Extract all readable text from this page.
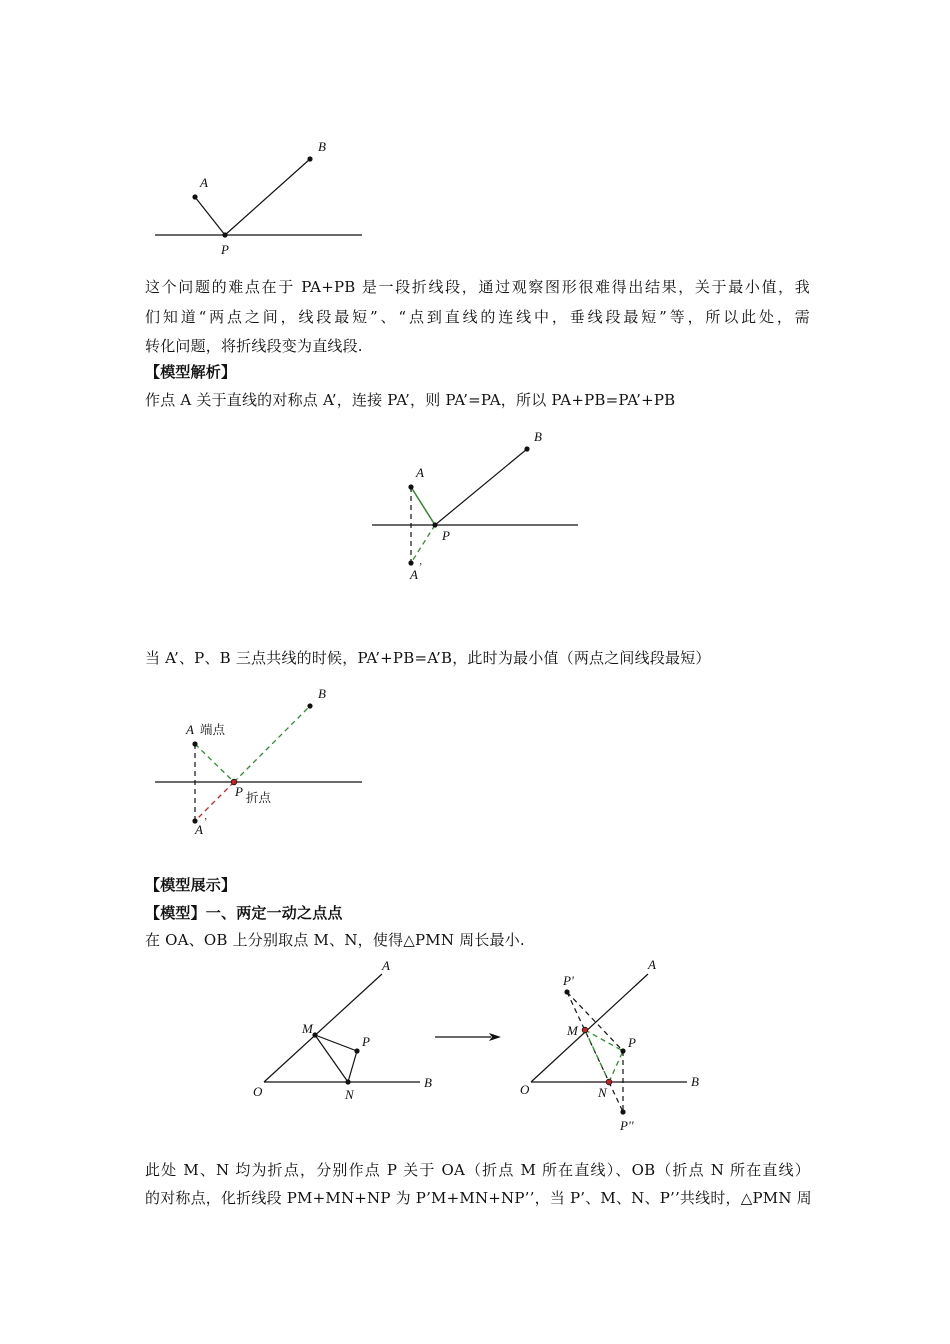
A
B
P
这个问题的难点在于 PA+PB 是一段折线段，通过观察图形很难得出结果，关于最小值，我
们知道“两点之间，线段最短”、“点到直线的连线中，垂线段最短”等，所以此处，需
转化问题，将折线段变为直线段.
【模型解析】
作点 A 关于直线的对称点 A’，连接 PA’，则 PA’=PA，所以 PA+PB=PA’+PB
A
B
P
A ’
当 A’、P、B 三点共线的时候，PA’+PB=A’B，此时为最小值（两点之间线段最短）
A 端点
B
P 折点
A ’
【模型展示】
【模型】一、两定一动之点点
在 OA、OB 上分别取点 M、N，使得△PMN 周长最小.
O
A
B
M
P
N	O
A
B
M
P
N
P'
P''
此处 M、N 均为折点，分别作点 P 关于 OA（折点 M 所在直线）、OB（折点 N 所在直线）
的对称点，化折线段 PM+MN+NP 为 P’M+MN+NP’’，当 P’、M、N、P’’共线时，△PMN 周
